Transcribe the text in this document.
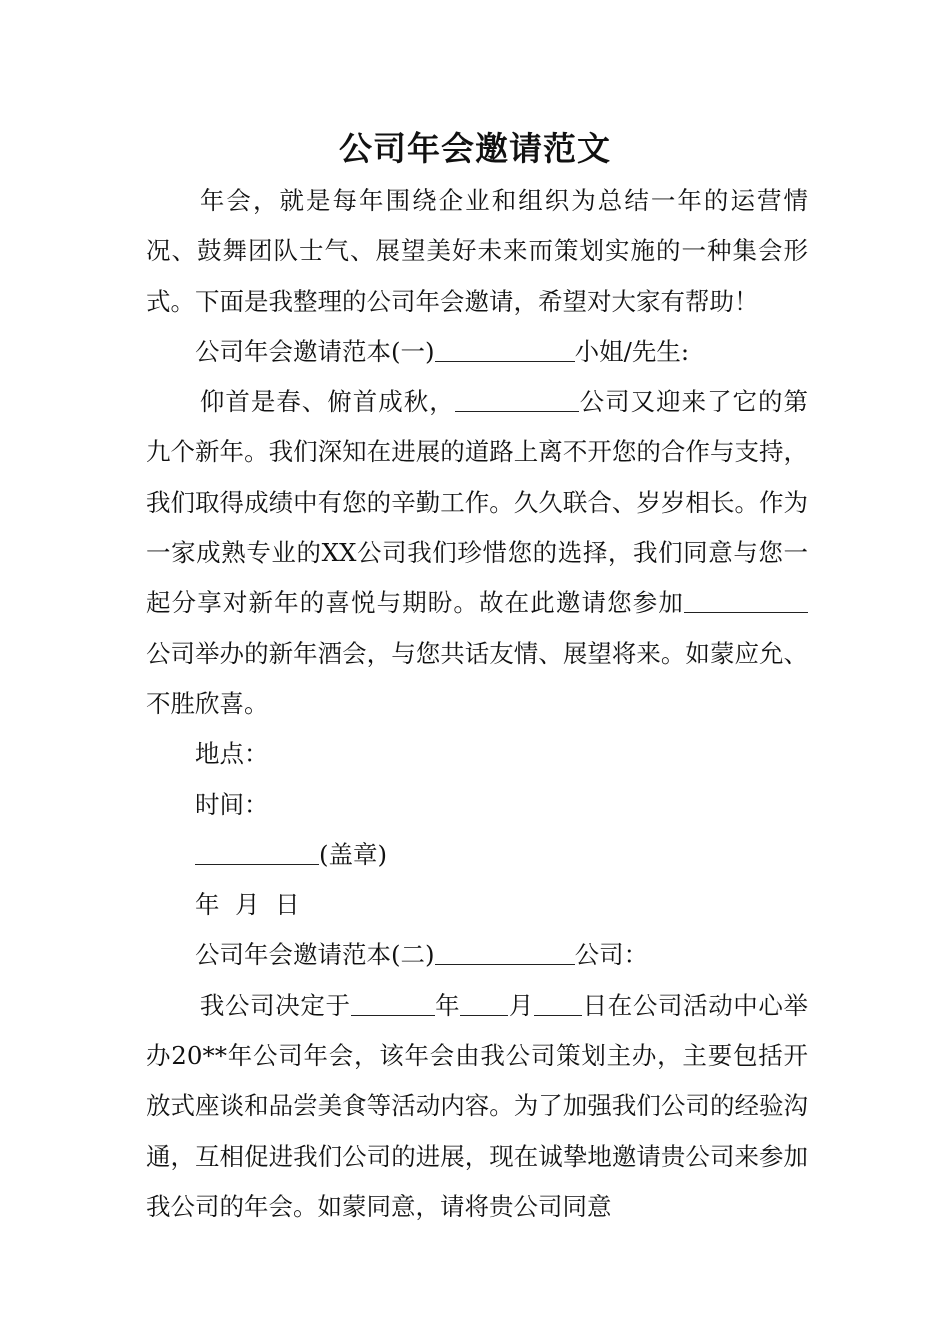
公司年会邀请范文

年会，就是每年围绕企业和组织为总结一年的运营情况、鼓舞团队士气、展望美好未来而策划实施的一种集会形式。下面是我整理的公司年会邀请，希望对大家有帮助！

公司年会邀请范本(一)	小姐/先生:

仰首是春、俯首成秋，	公司又迎来了它的第九个新年。我们深知在进展的道路上离不开您的合作与支持，我们取得成绩中有您的辛勤工作。久久联合、岁岁相长。作为一家成熟专业的XX公司我们珍惜您的选择，我们同意与您一起分享对新年的喜悦与期盼。故在此邀请您参加公司举办的新年酒会，与您共话友情、展望将来。如蒙应允、不胜欣喜。

地点：

时间：

(盖章)

年  月  日

公司年会邀请范本(二)	公司：

我公司决定于	年 月 日在公司活动中心举办20**年公司年会，该年会由我公司策划主办，主要包括开放式座谈和品尝美食等活动内容。为了加强我们公司的经验沟通，互相促进我们公司的进展，现在诚挚地邀请贵公司来参加我公司的年会。如蒙同意，请将贵公司同意
